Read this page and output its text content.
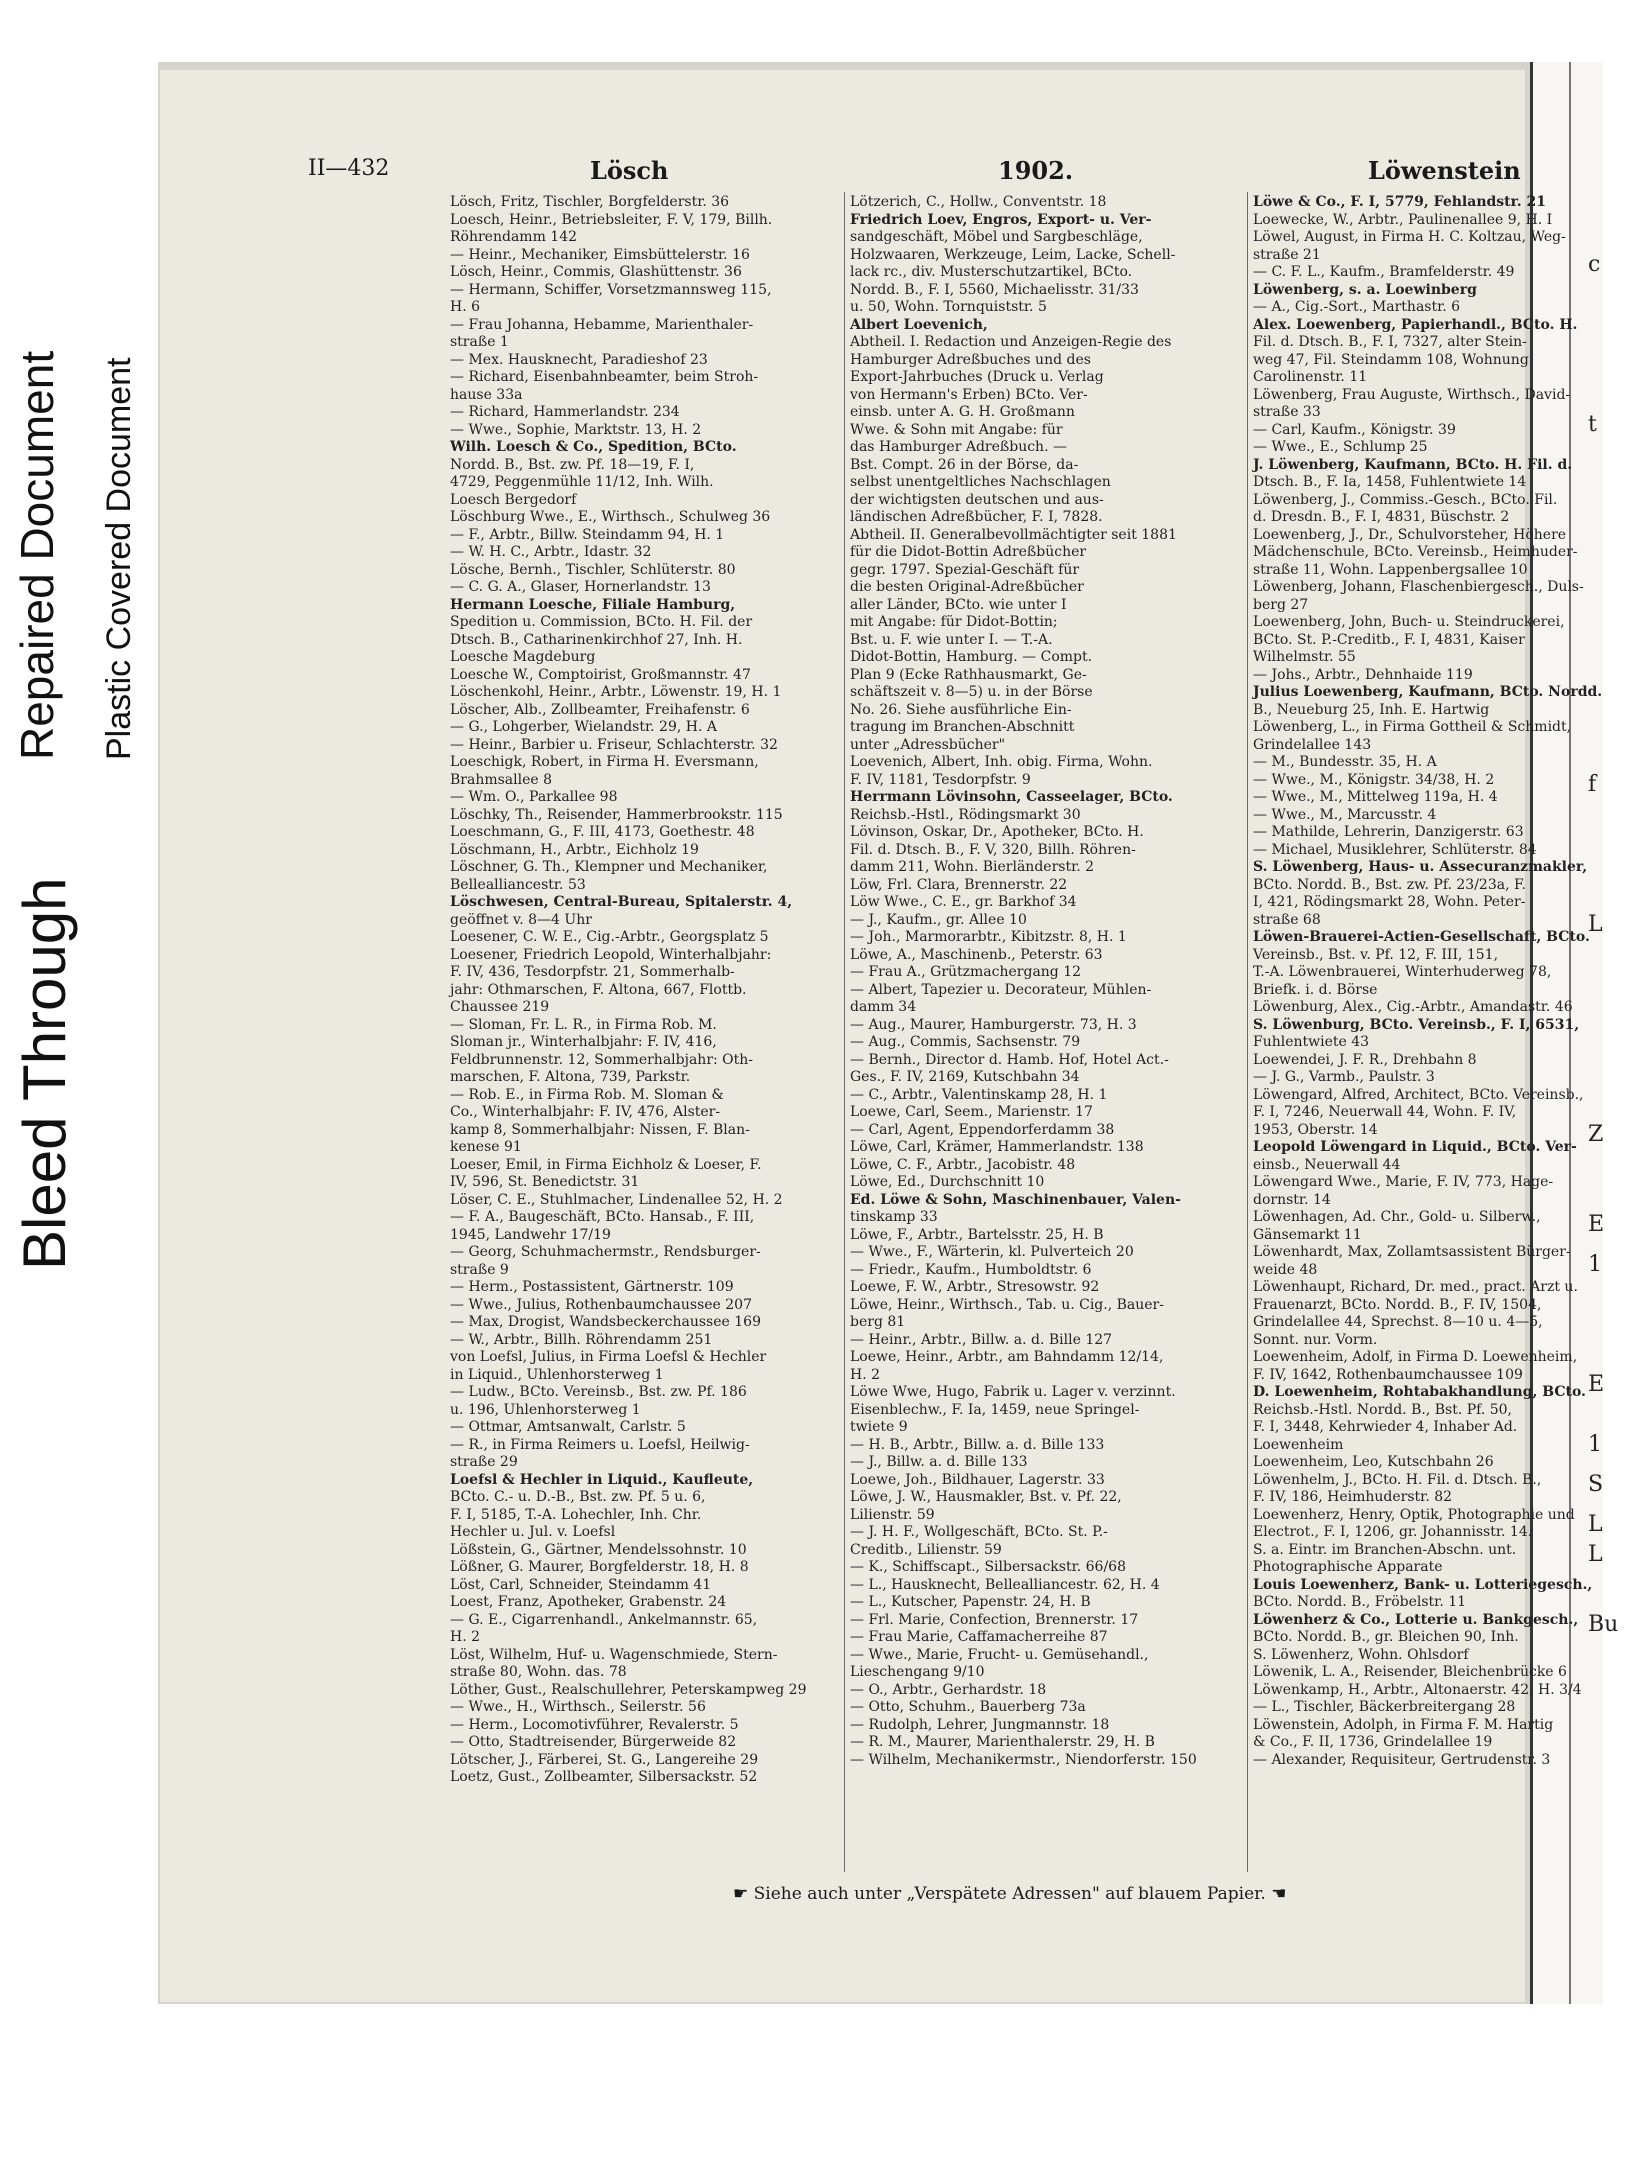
Bleed Through
Repaired Document Plastic Covered Document
c
t
f
L
Z
E
1
E
1
S
L
L
Bu
II—432	Lösch	1902.	Löwenstein

Lösch, Fritz, Tischler, Borgfelderstr. 36

Loesch, Heinr., Betriebsleiter, F. V, 179, Billh.

Röhrendamm 142

— Heinr., Mechaniker, Eimsbüttelerstr. 16

Lösch, Heinr., Commis, Glashüttenstr. 36

— Hermann, Schiffer, Vorsetzmannsweg 115,

H. 6

— Frau Johanna, Hebamme, Marienthaler-

straße 1

— Mex. Hausknecht, Paradieshof 23

— Richard, Eisenbahnbeamter, beim Stroh-

hause 33a

— Richard, Hammerlandstr. 234

— Wwe., Sophie, Marktstr. 13, H. 2

Wilh. Loesch & Co., Spedition, BCto.

Nordd. B., Bst. zw. Pf. 18—19, F. I,

4729, Peggenmühle 11/12, Inh. Wilh.

Loesch Bergedorf

Löschburg Wwe., E., Wirthsch., Schulweg 36

— F., Arbtr., Billw. Steindamm 94, H. 1

— W. H. C., Arbtr., Idastr. 32

Lösche, Bernh., Tischler, Schlüterstr. 80

— C. G. A., Glaser, Hornerlandstr. 13

Hermann Loesche, Filiale Hamburg,

Spedition u. Commission, BCto. H. Fil. der

Dtsch. B., Catharinenkirchhof 27, Inh. H.

Loesche Magdeburg

Loesche W., Comptoirist, Großmannstr. 47

Löschenkohl, Heinr., Arbtr., Löwenstr. 19, H. 1

Löscher, Alb., Zollbeamter, Freihafenstr. 6

— G., Lohgerber, Wielandstr. 29, H. A

— Heinr., Barbier u. Friseur, Schlachterstr. 32

Loeschigk, Robert, in Firma H. Eversmann,

Brahmsallee 8

— Wm. O., Parkallee 98

Löschky, Th., Reisender, Hammerbrookstr. 115

Loeschmann, G., F. III, 4173, Goethestr. 48

Löschmann, H., Arbtr., Eichholz 19

Löschner, G. Th., Klempner und Mechaniker,

Bellealliancestr. 53

Löschwesen, Central-Bureau, Spitalerstr. 4,

geöffnet v. 8—4 Uhr

Loesener, C. W. E., Cig.-Arbtr., Georgsplatz 5

Loesener, Friedrich Leopold, Winterhalbjahr:

F. IV, 436, Tesdorpfstr. 21, Sommerhalb-

jahr: Othmarschen, F. Altona, 667, Flottb.

Chaussee 219

— Sloman, Fr. L. R., in Firma Rob. M.

Sloman jr., Winterhalbjahr: F. IV, 416,

Feldbrunnenstr. 12, Sommerhalbjahr: Oth-

marschen, F. Altona, 739, Parkstr.

— Rob. E., in Firma Rob. M. Sloman &

Co., Winterhalbjahr: F. IV, 476, Alster-

kamp 8, Sommerhalbjahr: Nissen, F. Blan-

kenese 91

Loeser, Emil, in Firma Eichholz & Loeser, F.

IV, 596, St. Benedictstr. 31

Löser, C. E., Stuhlmacher, Lindenallee 52, H. 2

— F. A., Baugeschäft, BCto. Hansab., F. III,

1945, Landwehr 17/19

— Georg, Schuhmachermstr., Rendsburger-

straße 9

— Herm., Postassistent, Gärtnerstr. 109

— Wwe., Julius, Rothenbaumchaussee 207

— Max, Drogist, Wandsbeckerchaussee 169

— W., Arbtr., Billh. Röhrendamm 251

von Loefsl, Julius, in Firma Loefsl & Hechler

in Liquid., Uhlenhorsterweg 1

— Ludw., BCto. Vereinsb., Bst. zw. Pf. 186

u. 196, Uhlenhorsterweg 1

— Ottmar, Amtsanwalt, Carlstr. 5

— R., in Firma Reimers u. Loefsl, Heilwig-

straße 29

Loefsl & Hechler in Liquid., Kaufleute,

BCto. C.- u. D.-B., Bst. zw. Pf. 5 u. 6,

F. I, 5185, T.-A. Lohechler, Inh. Chr.

Hechler u. Jul. v. Loefsl

Lößstein, G., Gärtner, Mendelssohnstr. 10

Lößner, G. Maurer, Borgfelderstr. 18, H. 8

Löst, Carl, Schneider, Steindamm 41

Loest, Franz, Apotheker, Grabenstr. 24

— G. E., Cigarrenhandl., Ankelmannstr. 65,

H. 2

Löst, Wilhelm, Huf- u. Wagenschmiede, Stern-

straße 80, Wohn. das. 78

Löther, Gust., Realschullehrer, Peterskampweg 29

— Wwe., H., Wirthsch., Seilerstr. 56

— Herm., Locomotivführer, Revalerstr. 5

— Otto, Stadtreisender, Bürgerweide 82

Lötscher, J., Färberei, St. G., Langereihe 29

Loetz, Gust., Zollbeamter, Silbersackstr. 52

Lötzerich, C., Hollw., Conventstr. 18

Friedrich Loev, Engros, Export- u. Ver-

sandgeschäft, Möbel und Sargbeschläge,

Holzwaaren, Werkzeuge, Leim, Lacke, Schell-

lack rc., div. Musterschutzartikel, BCto.

Nordd. B., F. I, 5560, Michaelisstr. 31/33

u. 50, Wohn. Tornquiststr. 5

Albert Loevenich,

Abtheil. I. Redaction und Anzeigen-Regie des

Hamburger Adreßbuches und des

Export-Jahrbuches (Druck u. Verlag

von Hermann's Erben) BCto. Ver-

einsb. unter A. G. H. Großmann

Wwe. & Sohn mit Angabe: für

das Hamburger Adreßbuch. —

Bst. Compt. 26 in der Börse, da-

selbst unentgeltliches Nachschlagen

der wichtigsten deutschen und aus-

ländischen Adreßbücher, F. I, 7828.

Abtheil. II. Generalbevollmächtigter seit 1881

für die Didot-Bottin Adreßbücher

gegr. 1797. Spezial-Geschäft für

die besten Original-Adreßbücher

aller Länder, BCto. wie unter I

mit Angabe: für Didot-Bottin;

Bst. u. F. wie unter I. — T.-A.

Didot-Bottin, Hamburg. — Compt.

Plan 9 (Ecke Rathhausmarkt, Ge-

schäftszeit v. 8—5) u. in der Börse

No. 26. Siehe ausführliche Ein-

tragung im Branchen-Abschnitt

unter „Adressbücher"

Loevenich, Albert, Inh. obig. Firma, Wohn.

F. IV, 1181, Tesdorpfstr. 9

Herrmann Lövinsohn, Casseelager, BCto.

Reichsb.-Hstl., Rödingsmarkt 30

Lövinson, Oskar, Dr., Apotheker, BCto. H.

Fil. d. Dtsch. B., F. V, 320, Billh. Röhren-

damm 211, Wohn. Bierländerstr. 2

Löw, Frl. Clara, Brennerstr. 22

Löw Wwe., C. E., gr. Barkhof 34

— J., Kaufm., gr. Allee 10

— Joh., Marmorarbtr., Kibitzstr. 8, H. 1

Löwe, A., Maschinenb., Peterstr. 63

— Frau A., Grützmachergang 12

— Albert, Tapezier u. Decorateur, Mühlen-

damm 34

— Aug., Maurer, Hamburgerstr. 73, H. 3

— Aug., Commis, Sachsenstr. 79

— Bernh., Director d. Hamb. Hof, Hotel Act.-

Ges., F. IV, 2169, Kutschbahn 34

— C., Arbtr., Valentinskamp 28, H. 1

Loewe, Carl, Seem., Marienstr. 17

— Carl, Agent, Eppendorferdamm 38

Löwe, Carl, Krämer, Hammerlandstr. 138

Löwe, C. F., Arbtr., Jacobistr. 48

Löwe, Ed., Durchschnitt 10

Ed. Löwe & Sohn, Maschinenbauer, Valen-

tinskamp 33

Löwe, F., Arbtr., Bartelsstr. 25, H. B

— Wwe., F., Wärterin, kl. Pulverteich 20

— Friedr., Kaufm., Humboldtstr. 6

Loewe, F. W., Arbtr., Stresowstr. 92

Löwe, Heinr., Wirthsch., Tab. u. Cig., Bauer-

berg 81

— Heinr., Arbtr., Billw. a. d. Bille 127

Loewe, Heinr., Arbtr., am Bahndamm 12/14,

H. 2

Löwe Wwe, Hugo, Fabrik u. Lager v. verzinnt.

Eisenblechw., F. Ia, 1459, neue Springel-

twiete 9

— H. B., Arbtr., Billw. a. d. Bille 133

— J., Billw. a. d. Bille 133

Loewe, Joh., Bildhauer, Lagerstr. 33

Löwe, J. W., Hausmakler, Bst. v. Pf. 22,

Lilienstr. 59

— J. H. F., Wollgeschäft, BCto. St. P.-

Creditb., Lilienstr. 59

— K., Schiffscapt., Silbersackstr. 66/68

— L., Hausknecht, Bellealliancestr. 62, H. 4

— L., Kutscher, Papenstr. 24, H. B

— Frl. Marie, Confection, Brennerstr. 17

— Frau Marie, Caffamacherreihe 87

— Wwe., Marie, Frucht- u. Gemüsehandl.,

Lieschengang 9/10

— O., Arbtr., Gerhardstr. 18

— Otto, Schuhm., Bauerberg 73a

— Rudolph, Lehrer, Jungmannstr. 18

— R. M., Maurer, Marienthalerstr. 29, H. B

— Wilhelm, Mechanikermstr., Niendorferstr. 150

Löwe & Co., F. I, 5779, Fehlandstr. 21

Loewecke, W., Arbtr., Paulinenallee 9, H. I

Löwel, August, in Firma H. C. Koltzau, Weg-

straße 21

— C. F. L., Kaufm., Bramfelderstr. 49

Löwenberg, s. a. Loewinberg

— A., Cig.-Sort., Marthastr. 6

Alex. Loewenberg, Papierhandl., BCto. H.

Fil. d. Dtsch. B., F. I, 7327, alter Stein-

weg 47, Fil. Steindamm 108, Wohnung

Carolinenstr. 11

Löwenberg, Frau Auguste, Wirthsch., David-

straße 33

— Carl, Kaufm., Königstr. 39

— Wwe., E., Schlump 25

J. Löwenberg, Kaufmann, BCto. H. Fil. d.

Dtsch. B., F. Ia, 1458, Fuhlentwiete 14

Löwenberg, J., Commiss.-Gesch., BCto. Fil.

d. Dresdn. B., F. I, 4831, Büschstr. 2

Loewenberg, J., Dr., Schulvorsteher, Höhere

Mädchenschule, BCto. Vereinsb., Heimhuder-

straße 11, Wohn. Lappenbergsallee 10

Löwenberg, Johann, Flaschenbiergesch., Duls-

berg 27

Loewenberg, John, Buch- u. Steindruckerei,

BCto. St. P.-Creditb., F. I, 4831, Kaiser

Wilhelmstr. 55

— Johs., Arbtr., Dehnhaide 119

Julius Loewenberg, Kaufmann, BCto. Nordd.

B., Neueburg 25, Inh. E. Hartwig

Löwenberg, L., in Firma Gottheil & Schmidt,

Grindelallee 143

— M., Bundesstr. 35, H. A

— Wwe., M., Königstr. 34/38, H. 2

— Wwe., M., Mittelweg 119a, H. 4

— Wwe., M., Marcusstr. 4

— Mathilde, Lehrerin, Danzigerstr. 63

— Michael, Musiklehrer, Schlüterstr. 84

S. Löwenberg, Haus- u. Assecuranzmakler,

BCto. Nordd. B., Bst. zw. Pf. 23/23a, F.

I, 421, Rödingsmarkt 28, Wohn. Peter-

straße 68

Löwen-Brauerei-Actien-Gesellschaft, BCto.

Vereinsb., Bst. v. Pf. 12, F. III, 151,

T.-A. Löwenbrauerei, Winterhuderweg 78,

Briefk. i. d. Börse

Löwenburg, Alex., Cig.-Arbtr., Amandastr. 46

S. Löwenburg, BCto. Vereinsb., F. I, 6531,

Fuhlentwiete 43

Loewendei, J. F. R., Drehbahn 8

— J. G., Varmb., Paulstr. 3

Löwengard, Alfred, Architect, BCto. Vereinsb.,

F. I, 7246, Neuerwall 44, Wohn. F. IV,

1953, Oberstr. 14

Leopold Löwengard in Liquid., BCto. Ver-

einsb., Neuerwall 44

Löwengard Wwe., Marie, F. IV, 773, Hage-

dornstr. 14

Löwenhagen, Ad. Chr., Gold- u. Silberw.,

Gänsemarkt 11

Löwenhardt, Max, Zollamtsassistent Bürger-

weide 48

Löwenhaupt, Richard, Dr. med., pract. Arzt u.

Frauenarzt, BCto. Nordd. B., F. IV, 1504,

Grindelallee 44, Sprechst. 8—10 u. 4—5,

Sonnt. nur. Vorm.

Loewenheim, Adolf, in Firma D. Loewenheim,

F. IV, 1642, Rothenbaumchaussee 109

D. Loewenheim, Rohtabakhandlung, BCto.

Reichsb.-Hstl. Nordd. B., Bst. Pf. 50,

F. I, 3448, Kehrwieder 4, Inhaber Ad.

Loewenheim

Loewenheim, Leo, Kutschbahn 26

Löwenhelm, J., BCto. H. Fil. d. Dtsch. B.,

F. IV, 186, Heimhuderstr. 82

Loewenherz, Henry, Optik, Photographie und

Electrot., F. I, 1206, gr. Johannisstr. 14.

S. a. Eintr. im Branchen-Abschn. unt.

Photographische Apparate

Louis Loewenherz, Bank- u. Lotteriegesch.,

BCto. Nordd. B., Fröbelstr. 11

Löwenherz & Co., Lotterie u. Bankgesch.,

BCto. Nordd. B., gr. Bleichen 90, Inh.

S. Löwenherz, Wohn. Ohlsdorf

Löwenik, L. A., Reisender, Bleichenbrücke 6

Löwenkamp, H., Arbtr., Altonaerstr. 42, H. 3/4

— L., Tischler, Bäckerbreitergang 28

Löwenstein, Adolph, in Firma F. M. Hartig

& Co., F. II, 1736, Grindelallee 19

— Alexander, Requisiteur, Gertrudenstr. 3

☛ Siehe auch unter „Verspätete Adressen" auf blauem Papier. ☚
